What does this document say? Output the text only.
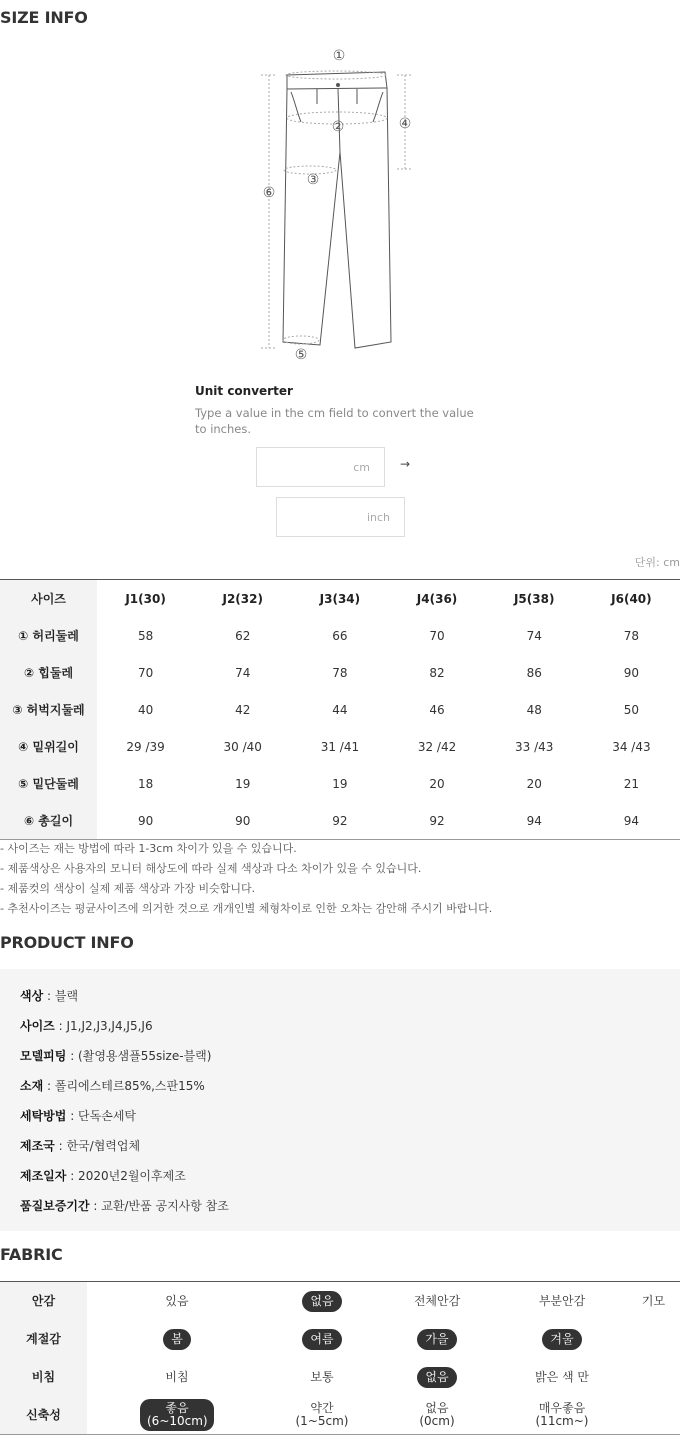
SIZE INFO
①
②
③
④
⑤
⑥
Unit converter
Type a value in the cm field to convert the value to inches.
cm
→
inch
단위: cm
사이즈	J1(30)	J2(32)	J3(34)	J4(36)	J5(38)	J6(40)
① 허리둘레	58	62	66	70	74	78
② 힙둘레	70	74	78	82	86	90
③ 허벅지둘레	40	42	44	46	48	50
④ 밑위길이	29 /39	30 /40	31 /41	32 /42	33 /43	34 /43
⑤ 밑단둘레	18	19	19	20	20	21
⑥ 총길이	90	90	92	92	94	94
- 사이즈는 재는 방법에 따라 1-3cm 차이가 있을 수 있습니다.
- 제품색상은 사용자의 모니터 해상도에 따라 실제 색상과 다소 차이가 있을 수 있습니다.
- 제품컷의 색상이 실제 제품 색상과 가장 비슷합니다.
- 추천사이즈는 평균사이즈에 의거한 것으로 개개인별 체형차이로 인한 오차는 감안해 주시기 바랍니다.
PRODUCT INFO
색상 : 블랙
사이즈 : J1,J2,J3,J4,J5,J6
모델피팅 : (촬영용샘플55size-블랙)
소재 : 폴리에스테르85%,스판15%
세탁방법 : 단독손세탁
제조국 : 한국/협력업체
제조일자 : 2020년2월이후제조
품질보증기간 : 교환/반품 공지사항 참조
FABRIC
안감	있음	없음	전체안감	부분안감	기모
계절감	봄	여름	가을	겨울	
비침	비침	보통	없음	밝은 색 만	
신축성	좋음 (6~10cm)	약간 (1~5cm)	없음 (0cm)	매우좋음 (11cm~)	
